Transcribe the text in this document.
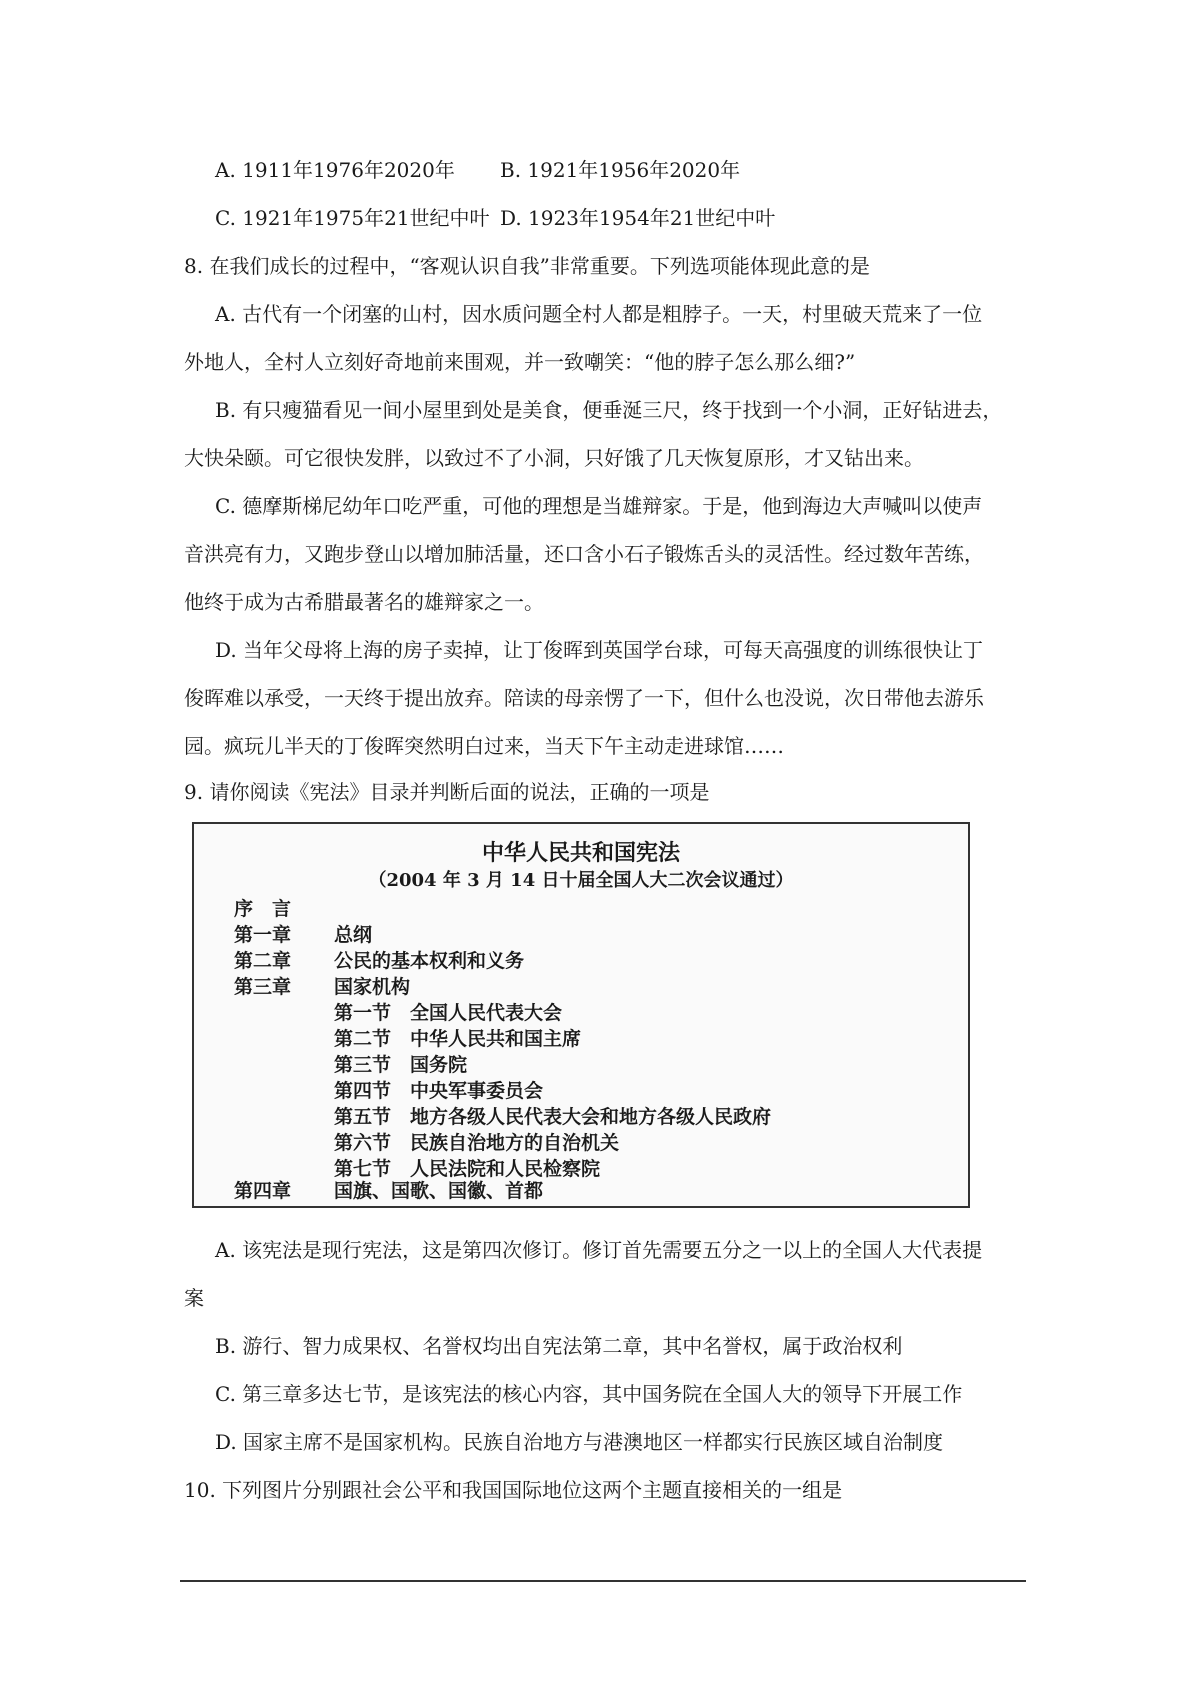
A. 1911年1976年2020年 B. 1921年1956年2020年
C. 1921年1975年21世纪中叶 D. 1923年1954年21世纪中叶
8. 在我们成长的过程中，“客观认识自我”非常重要。下列选项能体现此意的是
A. 古代有一个闭塞的山村，因水质问题全村人都是粗脖子。一天，村里破天荒来了一位
外地人，全村人立刻好奇地前来围观，并一致嘲笑：“他的脖子怎么那么细?”
B. 有只瘦猫看见一间小屋里到处是美食，便垂涎三尺，终于找到一个小洞，正好钻进去，
大快朵颐。可它很快发胖，以致过不了小洞，只好饿了几天恢复原形，才又钻出来。
C. 德摩斯梯尼幼年口吃严重，可他的理想是当雄辩家。于是，他到海边大声喊叫以使声
音洪亮有力，又跑步登山以增加肺活量，还口含小石子锻炼舌头的灵活性。经过数年苦练，
他终于成为古希腊最著名的雄辩家之一。
D. 当年父母将上海的房子卖掉，让丁俊晖到英国学台球，可每天高强度的训练很快让丁
俊晖难以承受，一天终于提出放弃。陪读的母亲愣了一下，但什么也没说，次日带他去游乐
园。疯玩儿半天的丁俊晖突然明白过来，当天下午主动走进球馆……
9. 请你阅读《宪法》目录并判断后面的说法，正确的一项是
中华人民共和国宪法
（2004 年 3 月 14 日十届全国人大二次会议通过）
序　言
第一章 总纲
第二章 公民的基本权利和义务
第三章 国家机构
第一节　全国人民代表大会
第二节　中华人民共和国主席
第三节　国务院
第四节　中央军事委员会
第五节　地方各级人民代表大会和地方各级人民政府
第六节　民族自治地方的自治机关
第七节　人民法院和人民检察院
第四章 国旗、国歌、国徽、首都
A. 该宪法是现行宪法，这是第四次修订。修订首先需要五分之一以上的全国人大代表提
案
B. 游行、智力成果权、名誉权均出自宪法第二章，其中名誉权，属于政治权利
C. 第三章多达七节，是该宪法的核心内容，其中国务院在全国人大的领导下开展工作
D. 国家主席不是国家机构。民族自治地方与港澳地区一样都实行民族区域自治制度
10. 下列图片分别跟社会公平和我国国际地位这两个主题直接相关的一组是
